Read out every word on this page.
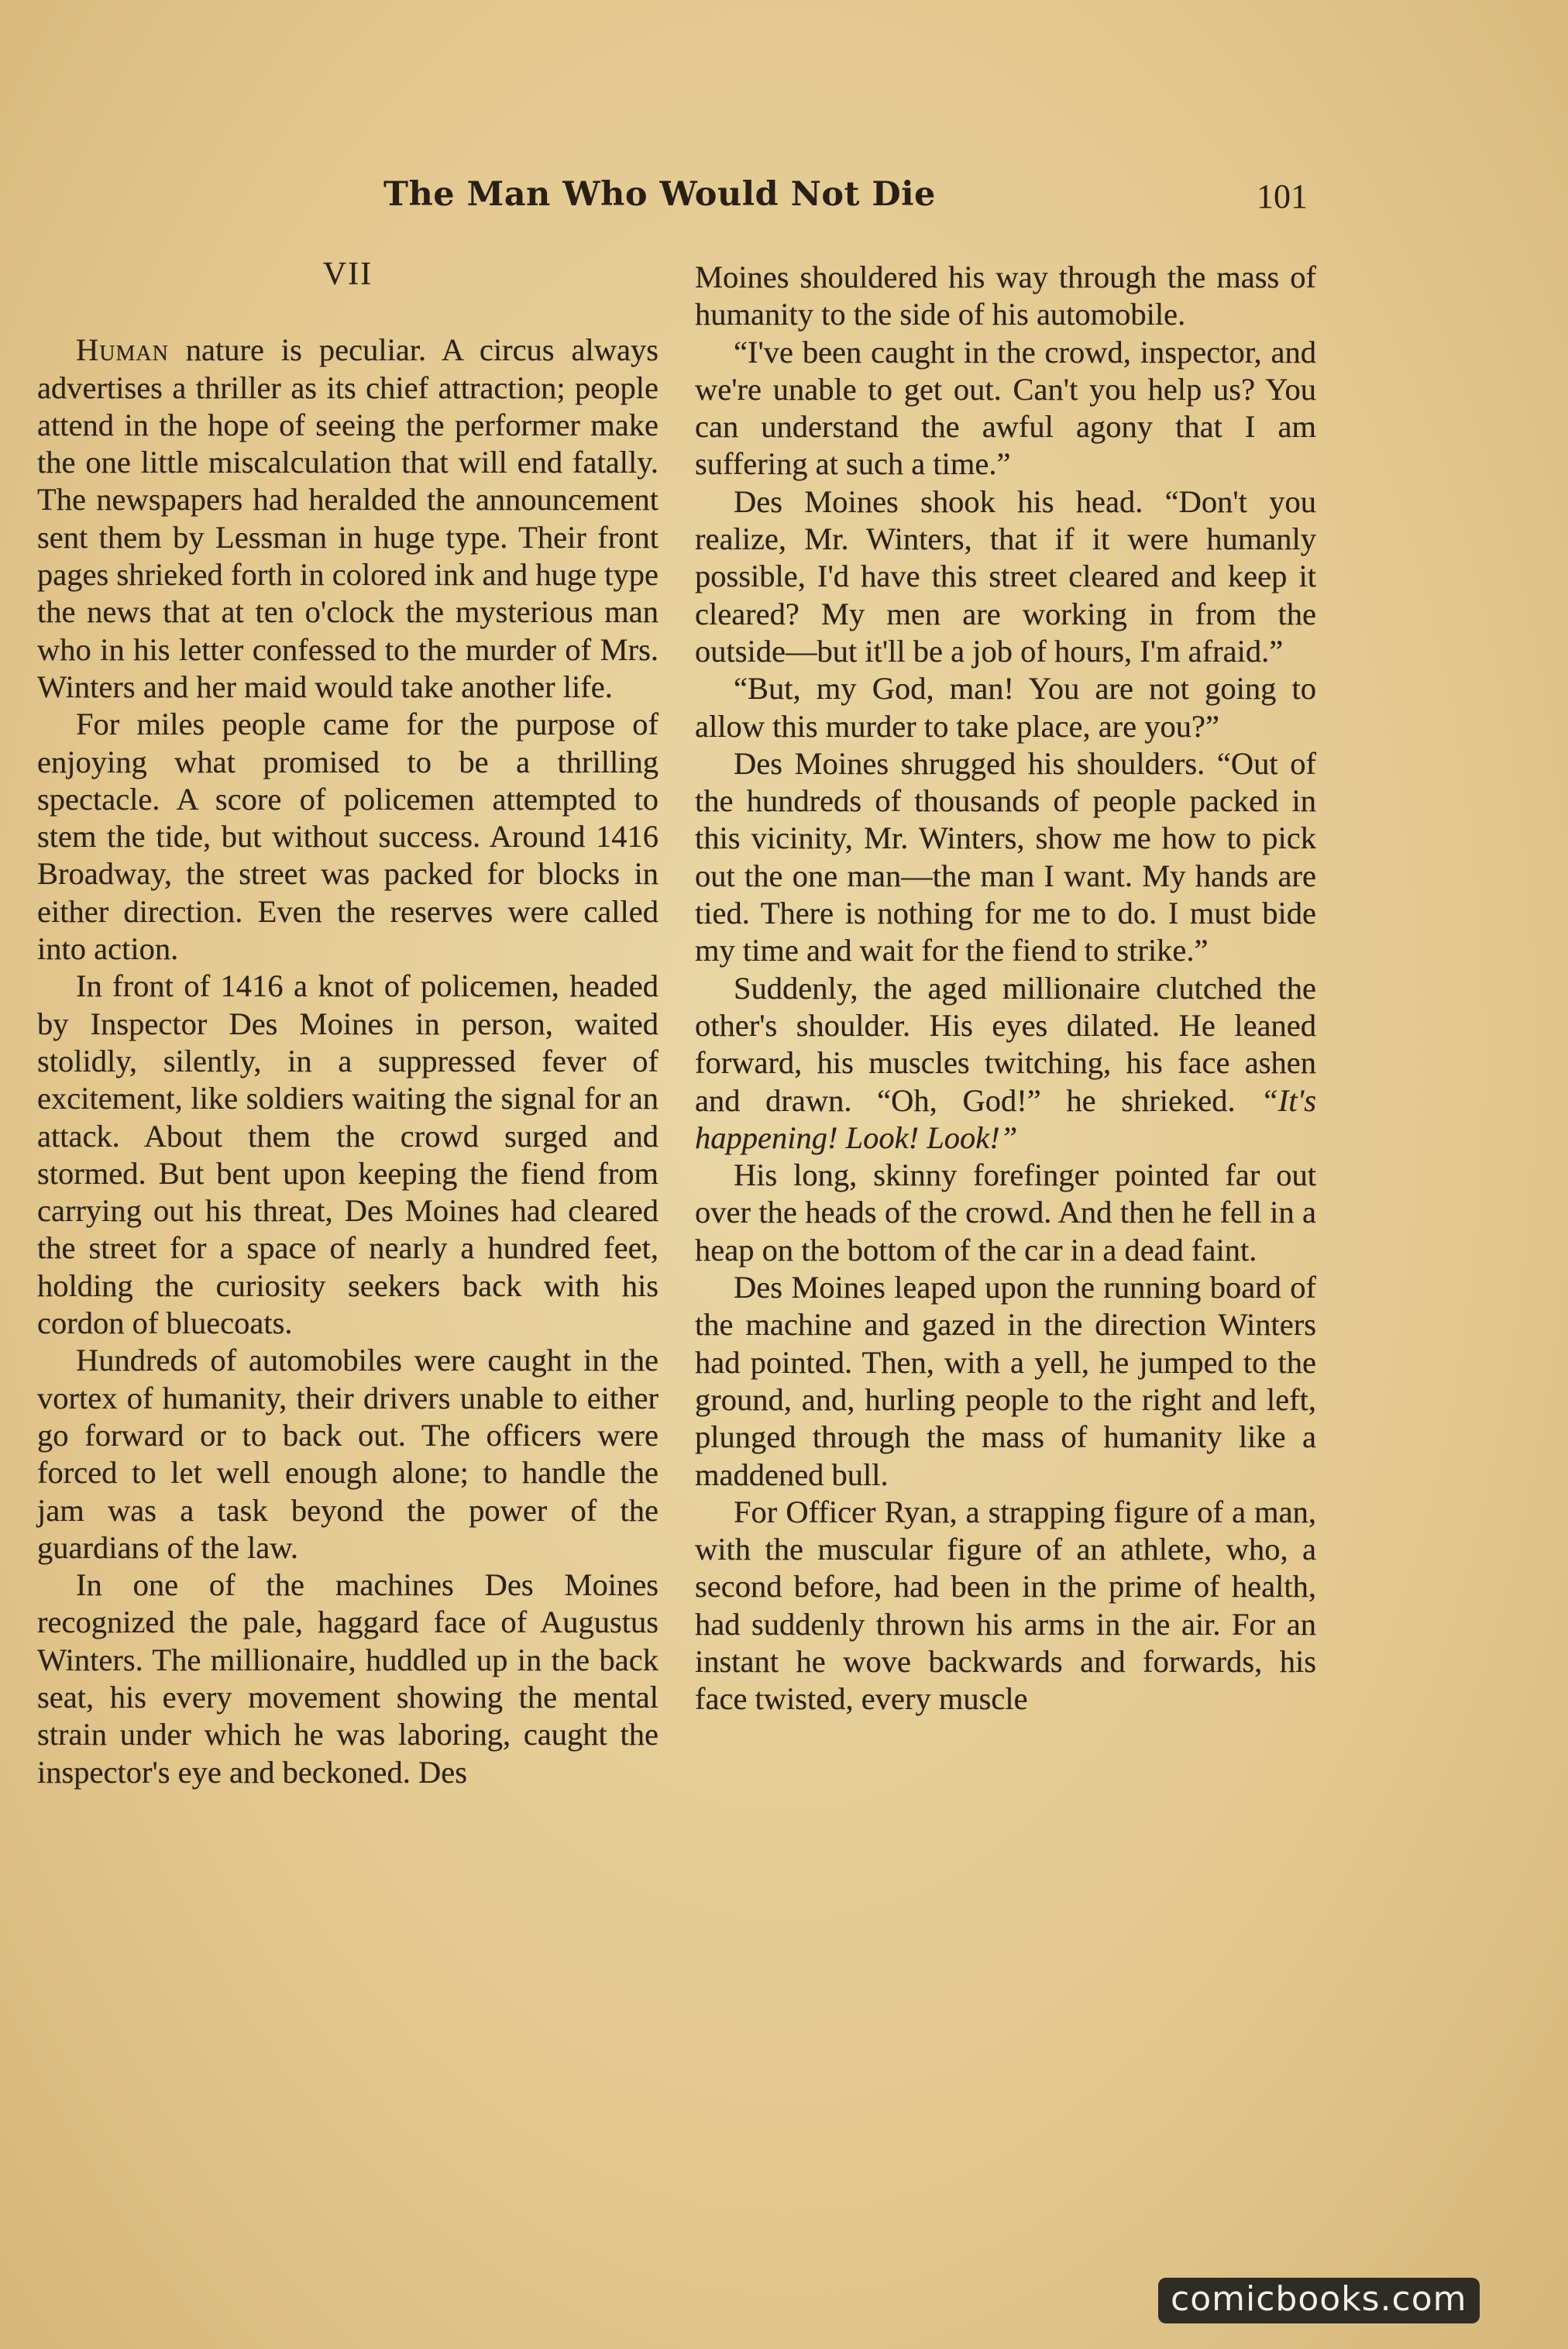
The Man Who Would Not Die	101

VII

Human nature is peculiar. A circus always advertises a thriller as its chief attraction; people attend in the hope of seeing the performer make the one little miscalculation that will end fatally. The newspapers had heralded the announcement sent them by Lessman in huge type. Their front pages shrieked forth in colored ink and huge type the news that at ten o'clock the mysterious man who in his letter confessed to the murder of Mrs. Winters and her maid would take another life.

For miles people came for the purpose of enjoying what promised to be a thrilling spectacle. A score of policemen attempted to stem the tide, but without success. Around 1416 Broadway, the street was packed for blocks in either direction. Even the reserves were called into action.

In front of 1416 a knot of policemen, headed by Inspector Des Moines in person, waited stolidly, silently, in a suppressed fever of excitement, like soldiers waiting the signal for an attack. About them the crowd surged and stormed. But bent upon keeping the fiend from carrying out his threat, Des Moines had cleared the street for a space of nearly a hundred feet, holding the curiosity seekers back with his cordon of bluecoats.

Hundreds of automobiles were caught in the vortex of humanity, their drivers unable to either go forward or to back out. The officers were forced to let well enough alone; to handle the jam was a task beyond the power of the guardians of the law.

In one of the machines Des Moines recognized the pale, haggard face of Augustus Winters. The millionaire, huddled up in the back seat, his every movement showing the mental strain under which he was laboring, caught the inspector's eye and beckoned. Des

Moines shouldered his way through the mass of humanity to the side of his automobile.

“I've been caught in the crowd, inspector, and we're unable to get out. Can't you help us? You can understand the awful agony that I am suffering at such a time.”

Des Moines shook his head. “Don't you realize, Mr. Winters, that if it were humanly possible, I'd have this street cleared and keep it cleared? My men are working in from the outside—but it'll be a job of hours, I'm afraid.”

“But, my God, man! You are not going to allow this murder to take place, are you?”

Des Moines shrugged his shoulders. “Out of the hundreds of thousands of people packed in this vicinity, Mr. Winters, show me how to pick out the one man—the man I want. My hands are tied. There is nothing for me to do. I must bide my time and wait for the fiend to strike.”

Suddenly, the aged millionaire clutched the other's shoulder. His eyes dilated. He leaned forward, his muscles twitching, his face ashen and drawn. “Oh, God!” he shrieked. “It's happening! Look! Look!”

His long, skinny forefinger pointed far out over the heads of the crowd. And then he fell in a heap on the bottom of the car in a dead faint.

Des Moines leaped upon the running board of the machine and gazed in the direction Winters had pointed. Then, with a yell, he jumped to the ground, and, hurling people to the right and left, plunged through the mass of humanity like a maddened bull.

For Officer Ryan, a strapping figure of a man, with the muscular figure of an athlete, who, a second before, had been in the prime of health, had suddenly thrown his arms in the air. For an instant he wove backwards and forwards, his face twisted, every muscle

comicbooks.com
